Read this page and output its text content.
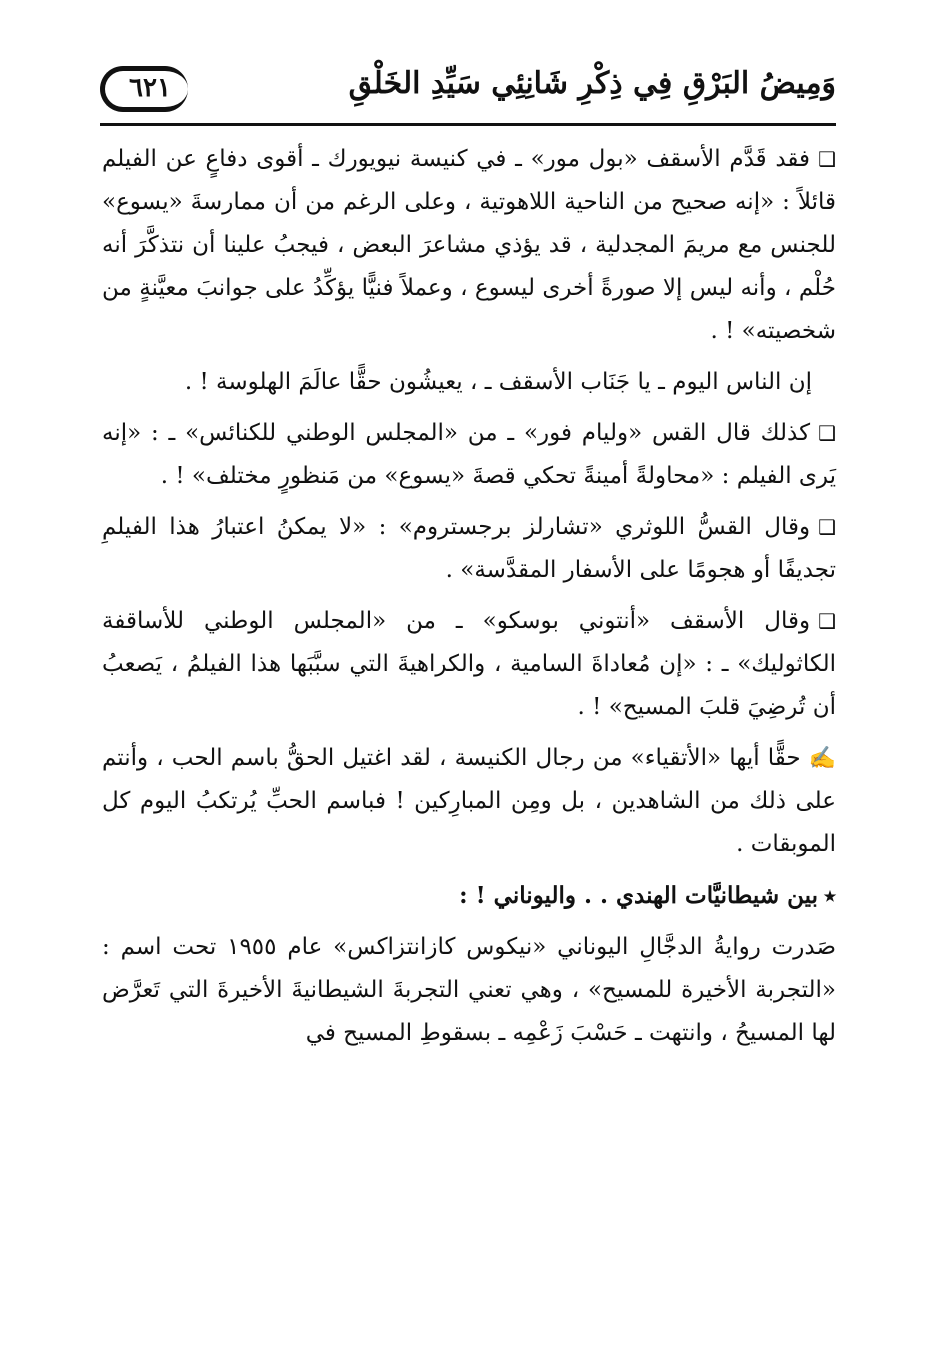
وَمِيضُ البَرْقِ فِي ذِكْرِ شَانِئِي سَيِّدِ الخَلْقِ
٦٢١

❑فقد قَدَّم الأسقف «بول مور» ـ في كنيسة نيويورك ـ أقوى دفاعٍ عن الفيلم قائلاً : «إنه صحيح من الناحية اللاهوتية ، وعلى الرغم من أن ممارسةَ «يسوع» للجنس مع مريمَ المجدلية ، قد يؤذي مشاعرَ البعض ، فيجبُ علينا أن نتذكَّرَ أنه حُلْم ، وأنه ليس إلا صورةً أخرى ليسوع ، وعملاً فنيًّا يؤكِّدُ على جوانبَ معيَّنةٍ من شخصيته» ! .

إن الناس اليوم ـ يا جَنَاب الأسقف ـ ، يعيشُون حقًّا عالَمَ الهلوسة ! .

❑كذلك قال القس «وليام فور» ـ من «المجلس الوطني للكنائس» ـ : «إنه يَرى الفيلم : «محاولةً أمينةً تحكي قصةَ «يسوع» من مَنظورٍ مختلف» ! .

❑وقال القسُّ اللوثري «تشارلز برجستروم» : «لا يمكنُ اعتبارُ هذا الفيلمِ تجديفًا أو هجومًا على الأسفار المقدَّسة» .

❑وقال الأسقف «أنتوني بوسكو» ـ من «المجلس الوطني للأساقفة الكاثوليك» ـ : «إن مُعاداةَ السامية ، والكراهيةَ التي سبَّبَها هذا الفيلمُ ، يَصعبُ أن تُرضِيَ قلبَ المسيح» ! .

✍حقًّا أيها «الأتقياء» من رجال الكنيسة ، لقد اغتيل الحقُّ باسم الحب ، وأنتم على ذلك من الشاهدين ، بل ومِن المبارِكين ! فباسم الحبِّ يُرتكبُ اليوم كل الموبقات .

٭بين شيطانيَّات الهندي . . واليوناني ! :

صَدرت روايةُ الدجَّالِ اليوناني «نيكوس كازانتزاكس» عام ١٩٥٥ تحت اسم : «التجربة الأخيرة للمسيح» ، وهي تعني التجربةَ الشيطانيةَ الأخيرةَ التي تَعرَّض لها المسيحُ ، وانتهت ـ حَسْبَ زَعْمِه ـ بسقوطِ المسيح في
